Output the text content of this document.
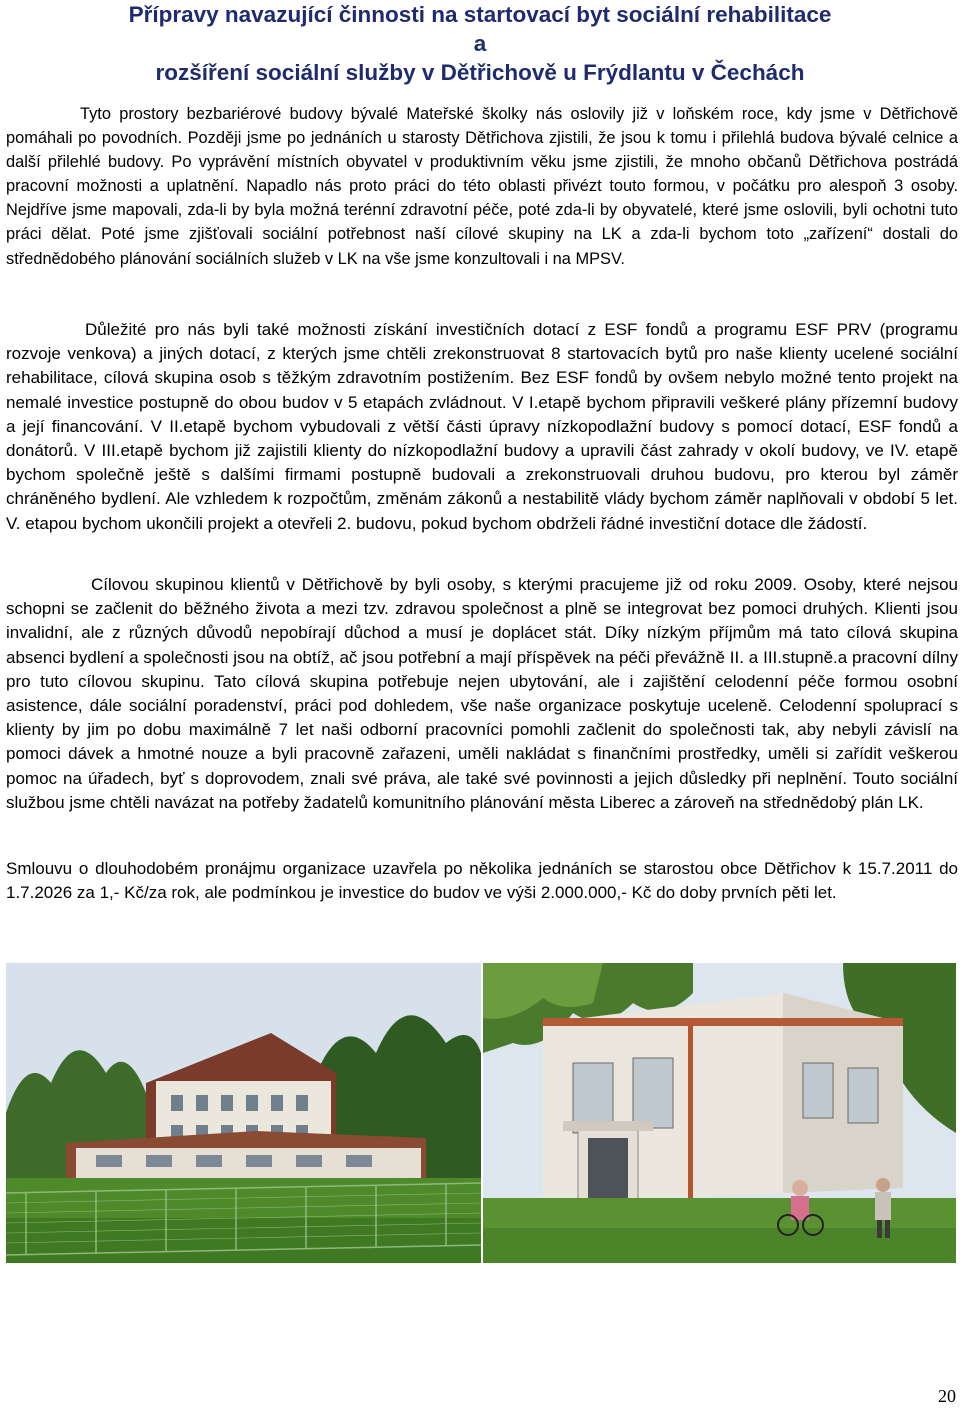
Přípravy navazující činnosti na startovací byt sociální rehabilitace
a
rozšíření sociální služby v Dětřichově u Frýdlantu v Čechách
Tyto prostory bezbariérové budovy bývalé Mateřské školky nás oslovily již v loňském roce, kdy jsme v Dětřichově pomáhali po povodních. Později jsme po jednáních u starosty Dětřichova zjistili, že jsou k tomu i přilehlá budova bývalé celnice a další přilehlé budovy. Po vyprávění místních obyvatel v produktivním věku jsme zjistili, že mnoho občanů Dětřichova postrádá pracovní možnosti a uplatnění. Napadlo nás proto práci do této oblasti přivézt touto formou, v počátku pro alespoň 3 osoby. Nejdříve jsme mapovali, zda-li by byla možná terénní zdravotní péče, poté zda-li by obyvatelé, které jsme oslovili, byli ochotni tuto práci dělat. Poté jsme zjišťovali sociální potřebnost naší cílové skupiny na LK a zda-li bychom toto „zařízení“ dostali do střednědobého plánování sociálních služeb v LK na vše jsme konzultovali i na MPSV.
Důležité pro nás byli také možnosti získání investičních dotací z ESF fondů a programu ESF PRV (programu rozvoje venkova) a jiných dotací, z kterých jsme chtěli zrekonstruovat 8 startovacích bytů pro naše klienty ucelené sociální rehabilitace, cílová skupina osob s těžkým zdravotním postižením. Bez ESF fondů by ovšem nebylo možné tento projekt na nemalé investice postupně do obou budov v 5 etapách zvládnout. V I.etapě bychom připravili veškeré plány přízemní budovy a její financování. V II.etapě bychom vybudovali z větší části úpravy nízkopodlažní budovy s pomocí dotací, ESF fondů a donátorů. V III.etapě bychom již zajistili klienty do nízkopodlažní budovy a upravili část zahrady v okolí budovy, ve IV. etapě bychom společně ještě s dalšími firmami postupně budovali a zrekonstruovali druhou budovu, pro kterou byl záměr chráněného bydlení. Ale vzhledem k rozpočtům, změnám zákonů a nestabilitě vlády bychom záměr naplňovali v období 5 let. V. etapou bychom ukončili projekt a otevřeli 2. budovu, pokud bychom obdrželi řádné investiční dotace dle žádostí.
Cílovou skupinou klientů v Dětřichově by byli osoby, s kterými pracujeme již od roku 2009. Osoby, které nejsou schopni se začlenit do běžného života a mezi tzv. zdravou společnost a plně se integrovat bez pomoci druhých. Klienti jsou invalidní, ale z různých důvodů nepobírají důchod a musí je doplácet stát. Díky nízkým příjmům má tato cílová skupina absenci bydlení a společnosti jsou na obtíž, ač jsou potřební a mají příspěvek na péči převážně II. a III.stupně.a pracovní dílny pro tuto cílovou skupinu. Tato cílová skupina potřebuje nejen ubytování, ale i zajištění celodenní péče formou osobní asistence, dále sociální poradenství, práci pod dohledem, vše naše organizace poskytuje uceleně. Celodenní spoluprací s klienty by jim po dobu maximálně 7 let naši odborní pracovníci pomohli začlenit do společnosti tak, aby nebyli závislí na pomoci dávek a hmotné nouze a byli pracovně zařazeni, uměli nakládat s finančními prostředky, uměli si zařídit veškerou pomoc na úřadech, byť s doprovodem, znali své práva, ale také své povinnosti a jejich důsledky při neplnění. Touto sociální službou jsme chtěli navázat na potřeby žadatelů komunitního plánování města Liberec a zároveň na střednědobý plán LK.
Smlouvu o dlouhodobém pronájmu organizace uzavřela po několika jednáních se starostou obce Dětřichov k 15.7.2011 do 1.7.2026 za 1,- Kč/za rok, ale podmínkou je investice do budov ve výši 2.000.000,- Kč do doby prvních pěti let.
20
